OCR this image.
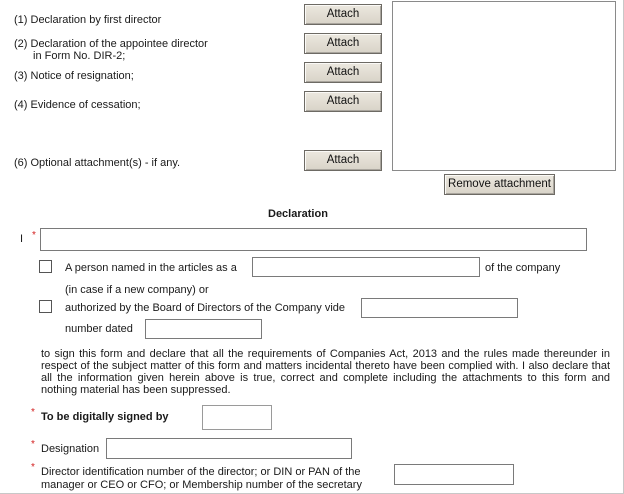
(1) Declaration by first director
(2) Declaration of the appointee director
in Form No. DIR-2;
(3) Notice of resignation;
(4) Evidence of cessation;
(6) Optional attachment(s) - if any.
Attach
Attach
Attach
Attach
Attach
Remove attachment
Declaration
I *
A person named in the articles as a	of the company
(in case if a new company) or
authorized by the Board of Directors of the Company vide
number dated
to sign this form and declare that all the requirements of Companies Act, 2013 and the rules made thereunder in respect of the subject matter of this form and matters incidental thereto have been complied with. I also declare that all the information given herein above is true, correct and complete including the attachments to this form and nothing material has been suppressed.
* To be digitally signed by
* Designation
* Director identification number of the director; or DIN or PAN of the
manager or CEO or CFO; or Membership number of the secretary
